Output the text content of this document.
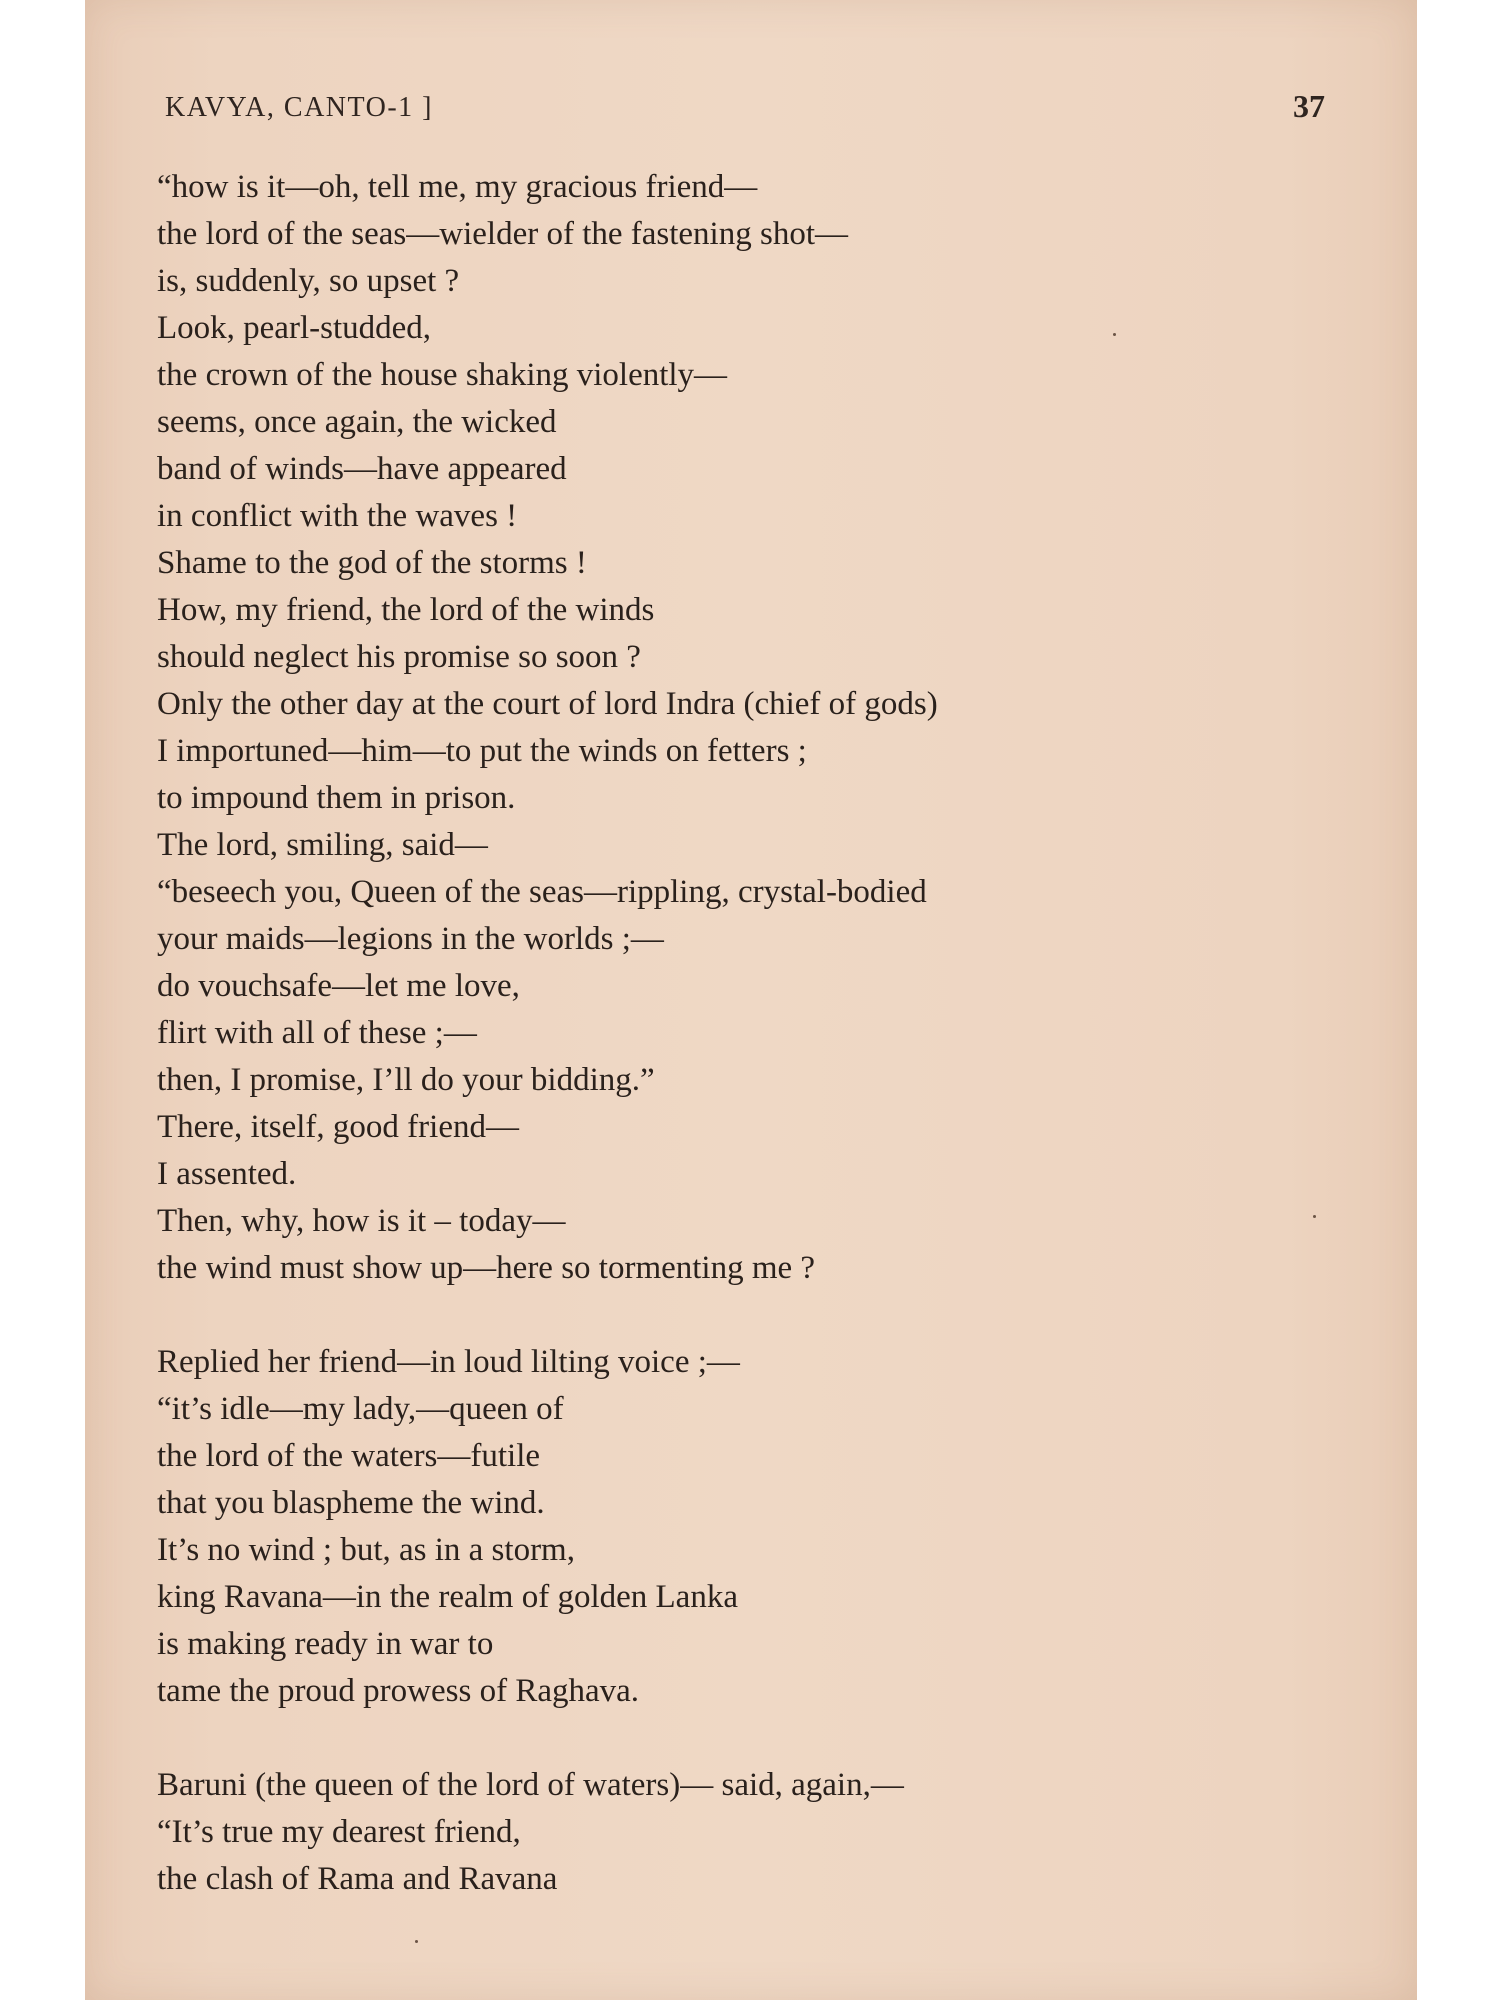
KAVYA, CANTO-1 ]	37

“how is it—oh, tell me, my gracious friend—

the lord of the seas—wielder of the fastening shot—

is, suddenly, so upset ?

Look, pearl-studded,

the crown of the house shaking violently—

seems, once again, the wicked

band of winds—have appeared

in conflict with the waves !

Shame to the god of the storms !

How, my friend, the lord of the winds

should neglect his promise so soon ?

Only the other day at the court of lord Indra (chief of gods)

I importuned—him—to put the winds on fetters ;

to impound them in prison.

The lord, smiling, said—

“beseech you, Queen of the seas—rippling, crystal-bodied

your maids—legions in the worlds ;—

do vouchsafe—let me love,

flirt with all of these ;—

then, I promise, I’ll do your bidding.”

There, itself, good friend—

I assented.

Then, why, how is it – today—

the wind must show up—here so tormenting me ?

Replied her friend—in loud lilting voice ;—

“it’s idle—my lady,—queen of

the lord of the waters—futile

that you blaspheme the wind.

It’s no wind ; but, as in a storm,

king Ravana—in the realm of golden Lanka

is making ready in war to

tame the proud prowess of Raghava.

Baruni (the queen of the lord of waters)— said, again,—

“It’s true my dearest friend,

the clash of Rama and Ravana
